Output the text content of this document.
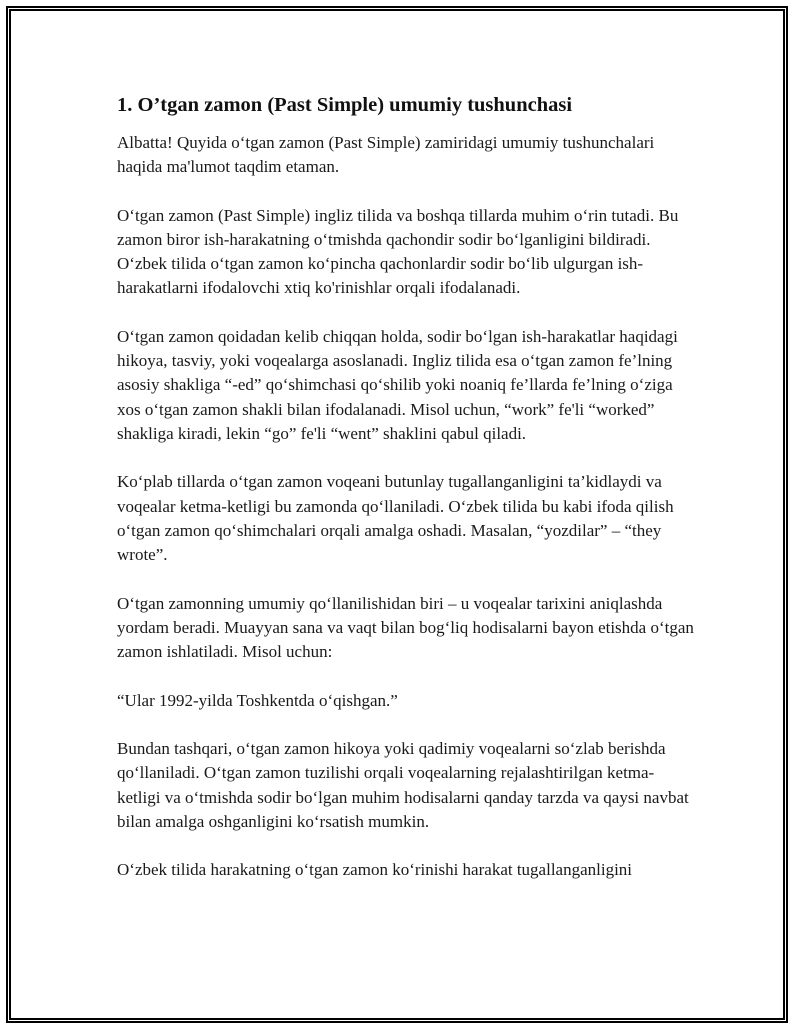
1. O’tgan zamon (Past Simple) umumiy tushunchasi

Albatta! Quyida o‘tgan zamon (Past Simple) zamiridagi umumiy tushunchalari haqida ma'lumot taqdim etaman.

O‘tgan zamon (Past Simple) ingliz tilida va boshqa tillarda muhim o‘rin tutadi. Bu zamon biror ish-harakatning o‘tmishda qachondir sodir bo‘lganligini bildiradi. O‘zbek tilida o‘tgan zamon ko‘pincha qachonlardir sodir bo‘lib ulgurgan ish-harakatlarni ifodalovchi xtiq ko'rinishlar orqali ifodalanadi.

O‘tgan zamon qoidadan kelib chiqqan holda, sodir bo‘lgan ish-harakatlar haqidagi hikoya, tasviy, yoki voqealarga asoslanadi. Ingliz tilida esa o‘tgan zamon fe’lning asosiy shakliga “-ed” qo‘shimchasi qo‘shilib yoki noaniq fe’llarda fe’lning o‘ziga xos o‘tgan zamon shakli bilan ifodalanadi. Misol uchun, “work” fe'li “worked” shakliga kiradi, lekin “go” fe'li “went” shaklini qabul qiladi.

Ko‘plab tillarda o‘tgan zamon voqeani butunlay tugallanganligini ta’kidlaydi va voqealar ketma-ketligi bu zamonda qo‘llaniladi. O‘zbek tilida bu kabi ifoda qilish o‘tgan zamon qo‘shimchalari orqali amalga oshadi. Masalan, “yozdilar” – “they wrote”.

O‘tgan zamonning umumiy qo‘llanilishidan biri – u voqealar tarixini aniqlashda yordam beradi. Muayyan sana va vaqt bilan bog‘liq hodisalarni bayon etishda o‘tgan zamon ishlatiladi. Misol uchun:

“Ular 1992-yilda Toshkentda o‘qishgan.”

Bundan tashqari, o‘tgan zamon hikoya yoki qadimiy voqealarni so‘zlab berishda qo‘llaniladi. O‘tgan zamon tuzilishi orqali voqealarning rejalashtirilgan ketma-ketligi va o‘tmishda sodir bo‘lgan muhim hodisalarni qanday tarzda va qaysi navbat bilan amalga oshganligini ko‘rsatish mumkin.

O‘zbek tilida harakatning o‘tgan zamon ko‘rinishi harakat tugallanganligini
